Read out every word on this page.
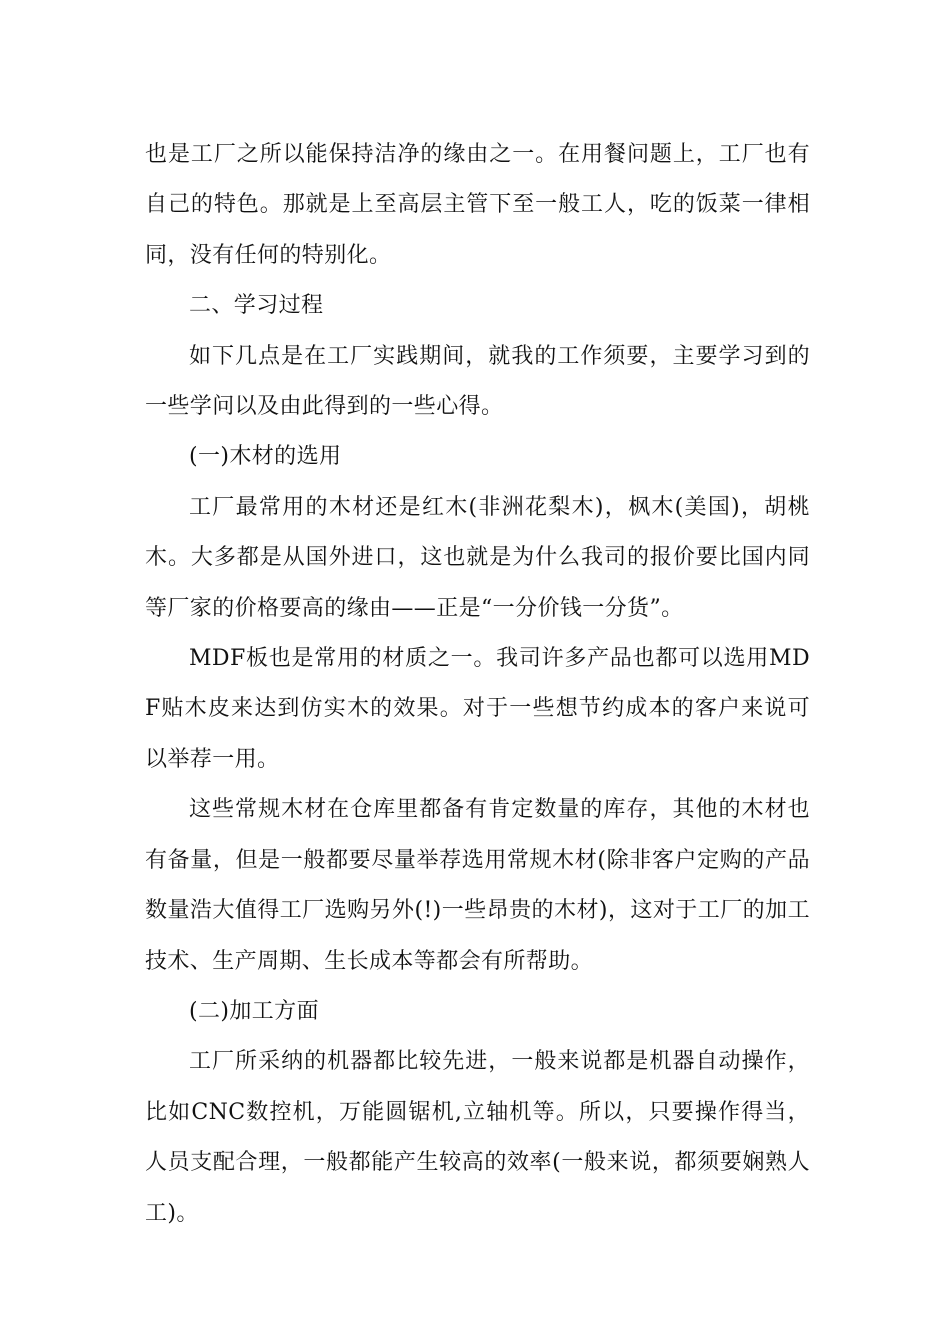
也是工厂之所以能保持洁净的缘由之一。在用餐问题上，工厂也有自己的特色。那就是上至高层主管下至一般工人，吃的饭菜一律相同，没有任何的特别化。

二、学习过程

如下几点是在工厂实践期间，就我的工作须要，主要学习到的一些学问以及由此得到的一些心得。

(一)木材的选用

工厂最常用的木材还是红木(非洲花梨木)，枫木(美国)，胡桃木。大多都是从国外进口，这也就是为什么我司的报价要比国内同等厂家的价格要高的缘由——正是“一分价钱一分货”。

MDF板也是常用的材质之一。我司许多产品也都可以选用MDF贴木皮来达到仿实木的效果。对于一些想节约成本的客户来说可以举荐一用。

这些常规木材在仓库里都备有肯定数量的库存，其他的木材也有备量，但是一般都要尽量举荐选用常规木材(除非客户定购的产品数量浩大值得工厂选购另外(!)一些昂贵的木材)，这对于工厂的加工技术、生产周期、生长成本等都会有所帮助。

(二)加工方面

工厂所采纳的机器都比较先进，一般来说都是机器自动操作，比如CNC数控机，万能圆锯机,立轴机等。所以，只要操作得当，人员支配合理，一般都能产生较高的效率(一般来说，都须要娴熟人工)。
